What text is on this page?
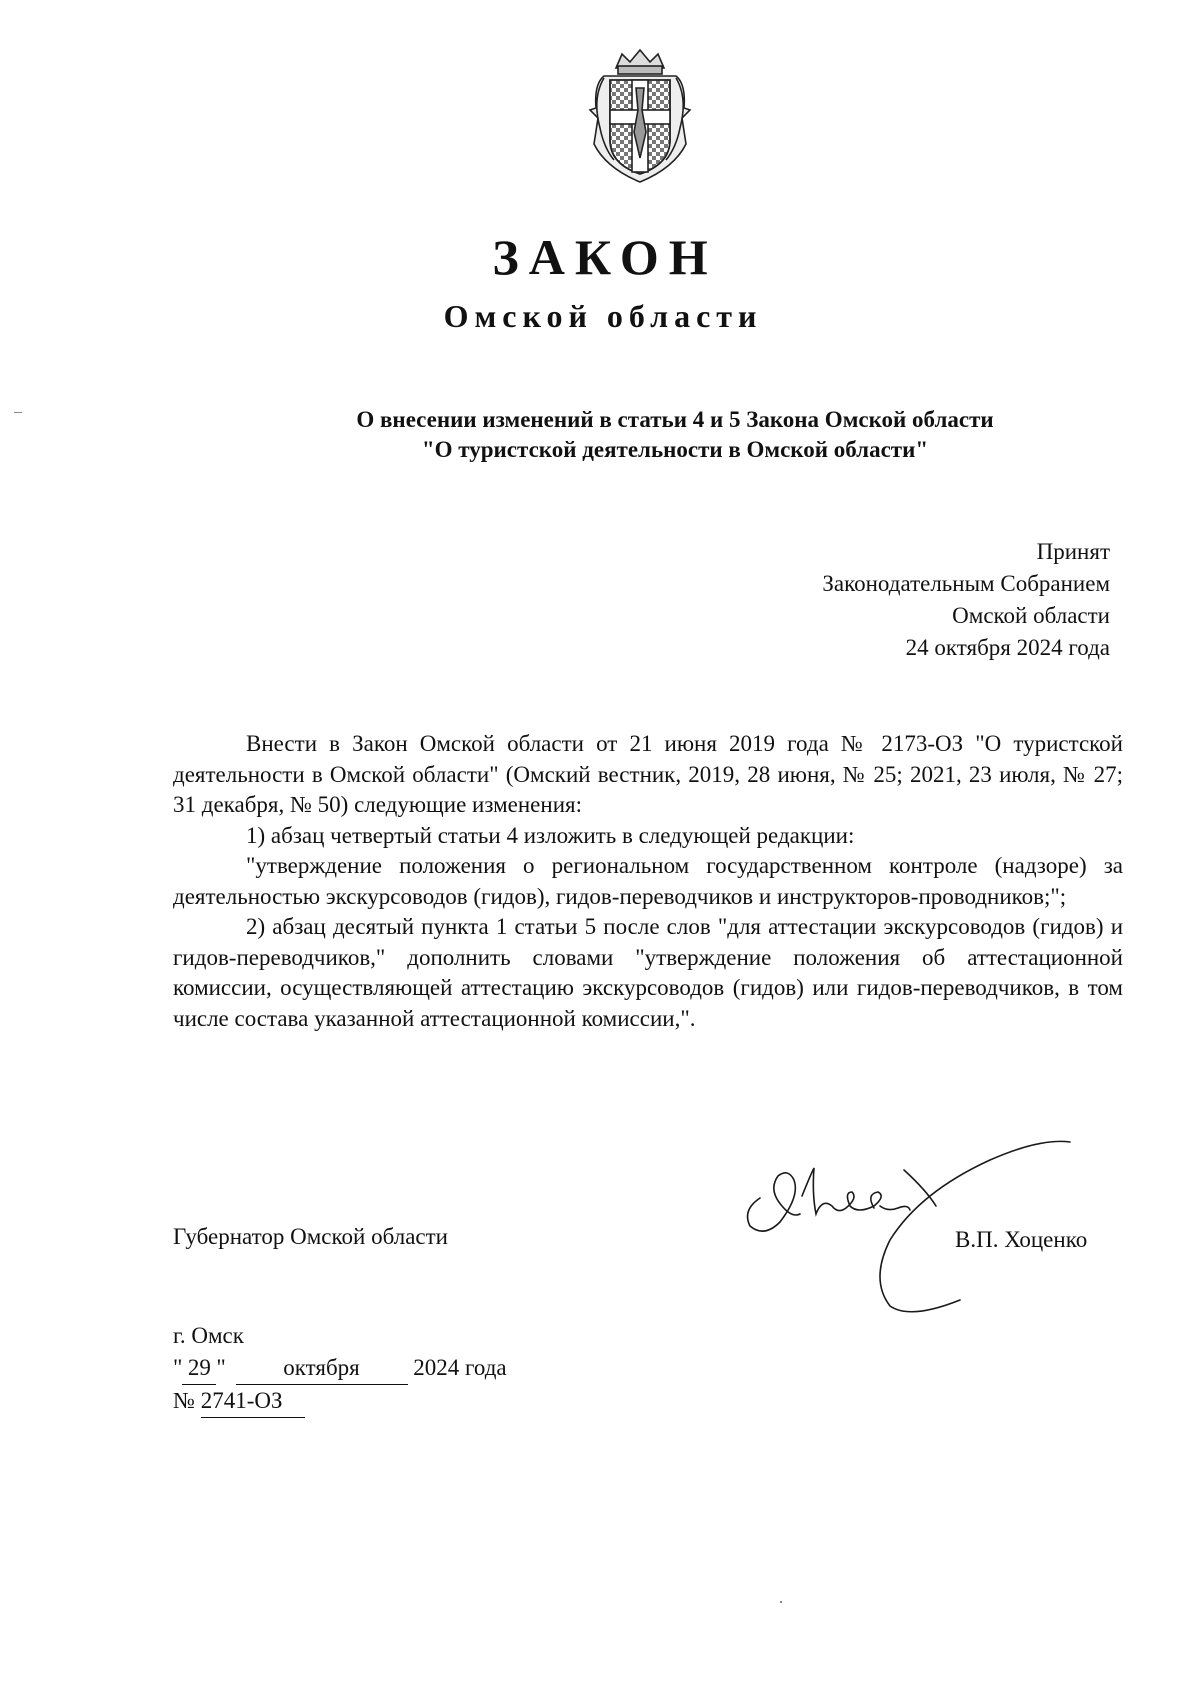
ЗАКОН
Омской области
О внесении изменений в статьи 4 и 5 Закона Омской области
"О туристской деятельности в Омской области"
Принят
Законодательным Собранием
Омской области
24 октября 2024 года

Внести в Закон Омской области от 21 июня 2019 года № 2173-ОЗ "О туристской деятельности в Омской области" (Омский вестник, 2019, 28 июня, № 25; 2021, 23 июля, № 27; 31 декабря, № 50) следующие изменения:

1) абзац четвертый статьи 4 изложить в следующей редакции:

"утверждение положения о региональном государственном контроле (надзоре) за деятельностью экскурсоводов (гидов), гидов-переводчиков и инструкторов-проводников;";

2) абзац десятый пункта 1 статьи 5 после слов "для аттестации экскурсоводов (гидов) и гидов-переводчиков," дополнить словами "утверждение положения об аттестационной комиссии, осуществляющей аттестацию экскурсоводов (гидов) или гидов-переводчиков, в том числе состава указанной аттестационной комиссии,".

Губернатор Омской области	В.П. Хоценко
г. Омск
" 29 "	октября 2024 года
№ 2741-ОЗ
